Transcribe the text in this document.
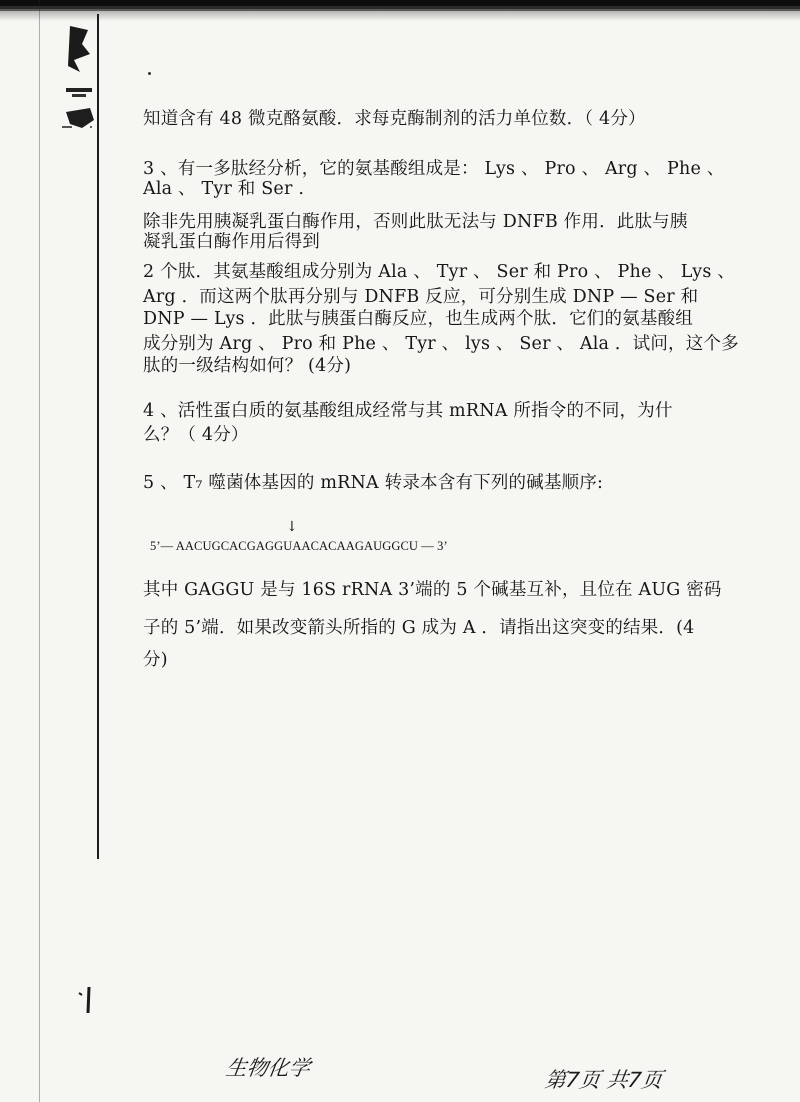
知道含有 48 微克酪氨酸．求每克酶制剂的活力单位数．（ 4分）
3 、有一多肽经分析，它的氨基酸组成是： Lys 、 Pro 、 Arg 、 Phe 、
Ala 、 Tyr 和 Ser .
除非先用胰凝乳蛋白酶作用，否则此肽无法与 DNFB 作用．此肽与胰
凝乳蛋白酶作用后得到
2 个肽．其氨基酸组成分别为 Ala 、 Tyr 、 Ser 和 Pro 、 Phe 、 Lys 、
Arg ．而这两个肽再分别与 DNFB 反应，可分别生成 DNP — Ser 和
DNP — Lys ．此肽与胰蛋白酶反应，也生成两个肽．它们的氨基酸组
成分别为 Arg 、 Pro 和 Phe 、 Tyr 、 lys 、 Ser 、 Ala ．试问，这个多
肽的一级结构如何？ (4分)
4 、活性蛋白质的氨基酸组成经常与其 mRNA 所指令的不同，为什
么？（ 4分）
5 、 T₇ 噬菌体基因的 mRNA 转录本含有下列的碱基顺序:
↓
5’— AACUGCACGAGGUAACACAAGAUGGCU — 3’
其中 GAGGU 是与 16S rRNA 3’端的 5 个碱基互补，且位在 AUG 密码
子的 5’端．如果改变箭头所指的 G 成为 A ．请指出这突变的结果．(4
分)
生物化学	第7页 共7页
